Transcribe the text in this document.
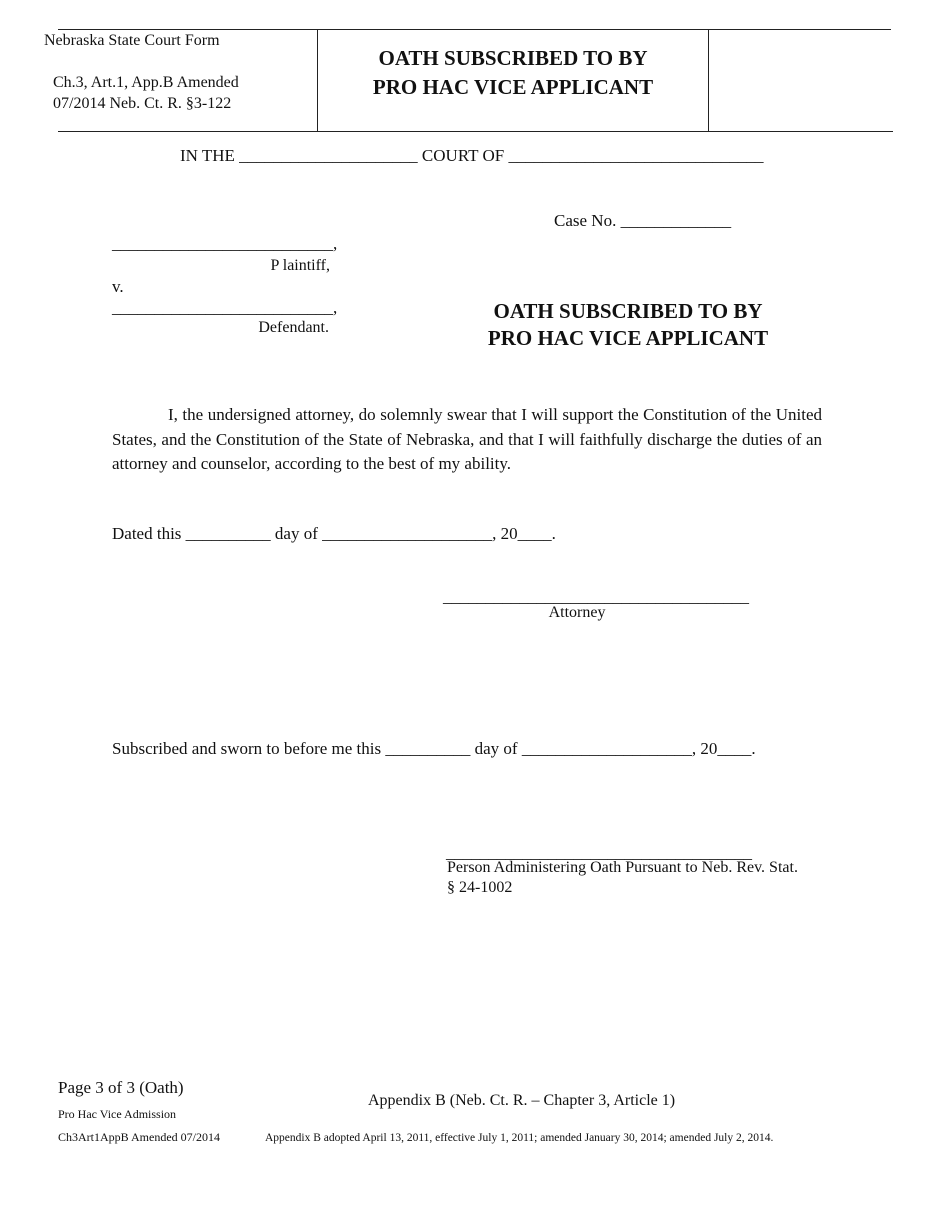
Nebraska State Court Form
Ch.3, Art.1, App.B Amended
07/2014 Neb. Ct. R. §3-122
OATH SUBSCRIBED TO BY
PRO HAC VICE APPLICANT
IN THE _____________________ COURT OF ______________________________
Case No. _____________
__________________________,
P laintiff,
v.
__________________________,
Defendant.
OATH SUBSCRIBED TO BY
PRO HAC VICE APPLICANT
I, the undersigned attorney, do solemnly swear that I will support the Constitution of the United States, and the Constitution of the State of Nebraska, and that I will faithfully discharge the duties of an attorney and counselor, according to the best of my ability.
Dated this __________ day of ____________________, 20____.
____________________________________
Attorney
Subscribed and sworn to before me this __________ day of ____________________, 20____.
____________________________________
Person Administering Oath Pursuant to Neb. Rev. Stat. § 24-1002
Page 3 of 3 (Oath)
Pro Hac Vice Admission
Ch3Art1AppB Amended 07/2014
Appendix B (Neb. Ct. R. – Chapter 3, Article 1)
Appendix B adopted April 13, 2011, effective July 1, 2011; amended January 30, 2014; amended July 2, 2014.
